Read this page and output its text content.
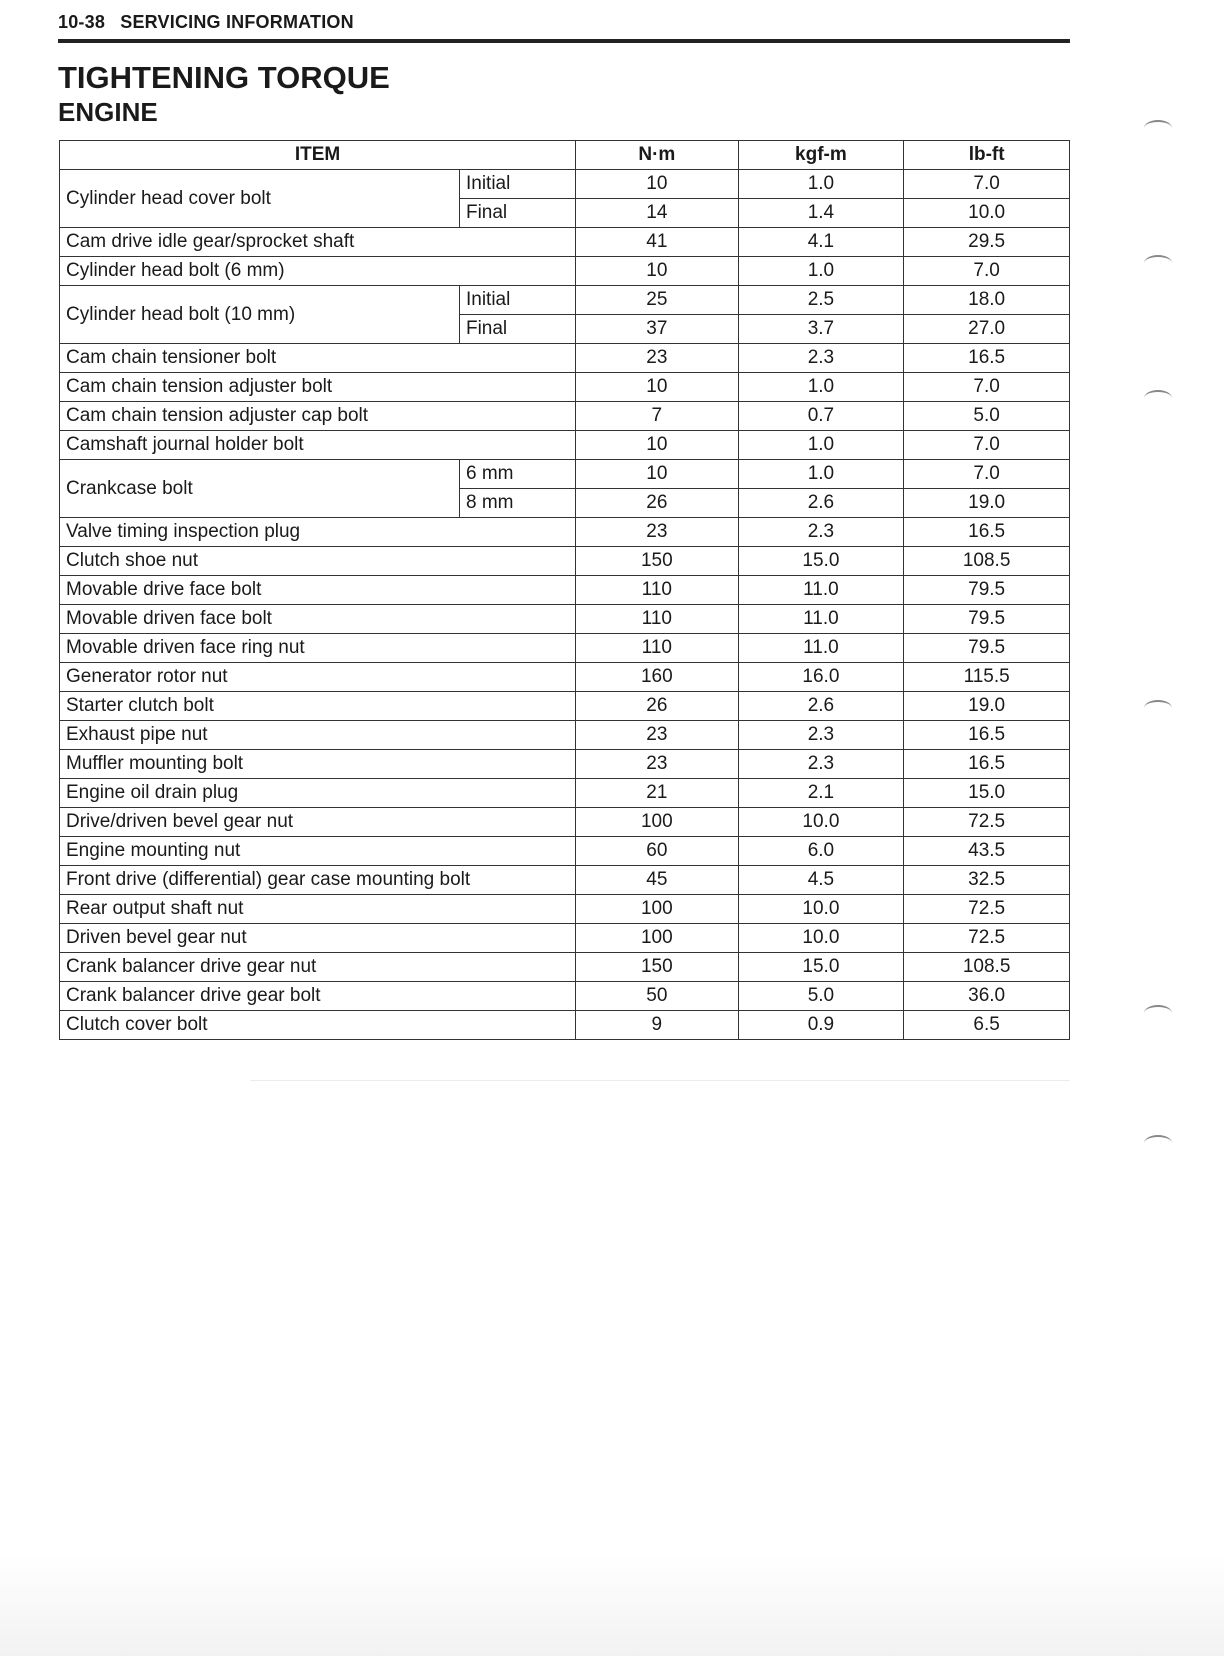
10-38 SERVICING INFORMATION
TIGHTENING TORQUE
ENGINE
ITEM		N·m	kgf-m	lb-ft
Cylinder head cover bolt	Initial	10	1.0	7.0
	Final	14	1.4	10.0
Cam drive idle gear/sprocket shaft		41	4.1	29.5
Cylinder head bolt (6 mm)		10	1.0	7.0
Cylinder head bolt (10 mm)	Initial	25	2.5	18.0
	Final	37	3.7	27.0
Cam chain tensioner bolt		23	2.3	16.5
Cam chain tension adjuster bolt		10	1.0	7.0
Cam chain tension adjuster cap bolt		7	0.7	5.0
Camshaft journal holder bolt		10	1.0	7.0
Crankcase bolt	6 mm	10	1.0	7.0
	8 mm	26	2.6	19.0
Valve timing inspection plug		23	2.3	16.5
Clutch shoe nut		150	15.0	108.5
Movable drive face bolt		110	11.0	79.5
Movable driven face bolt		110	11.0	79.5
Movable driven face ring nut		110	11.0	79.5
Generator rotor nut		160	16.0	115.5
Starter clutch bolt		26	2.6	19.0
Exhaust pipe nut		23	2.3	16.5
Muffler mounting bolt		23	2.3	16.5
Engine oil drain plug		21	2.1	15.0
Drive/driven bevel gear nut		100	10.0	72.5
Engine mounting nut		60	6.0	43.5
Front drive (differential) gear case mounting bolt		45	4.5	32.5
Rear output shaft nut		100	10.0	72.5
Driven bevel gear nut		100	10.0	72.5
Crank balancer drive gear nut		150	15.0	108.5
Crank balancer drive gear bolt		50	5.0	36.0
Clutch cover bolt		9	0.9	6.5
